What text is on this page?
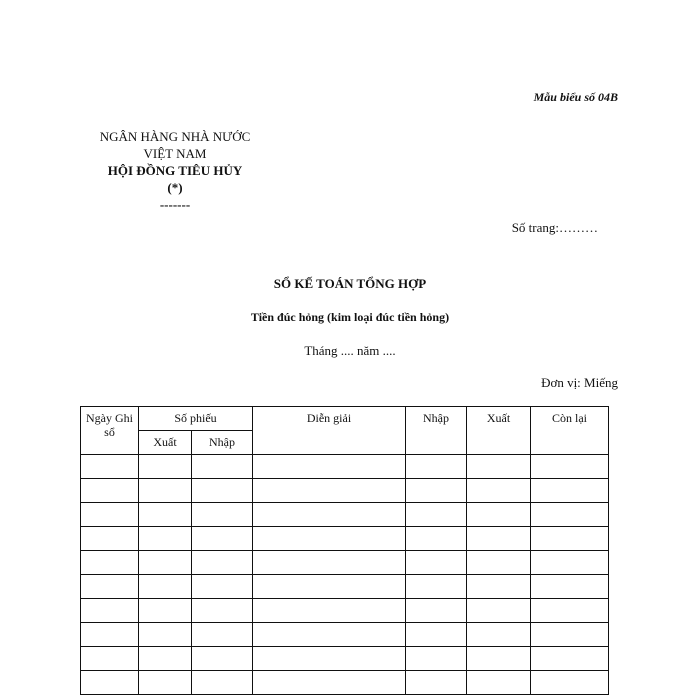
Mẫu biểu số 04B
NGÂN HÀNG NHÀ NƯỚC
VIỆT NAM
HỘI ĐỒNG TIÊU HỦY
(*)
-------
Số trang:………
SỔ KẾ TOÁN TỔNG HỢP
Tiền đúc hỏng (kim loại đúc tiền hỏng)
Tháng .... năm ....
Đơn vị: Miếng
Ngày Ghi sổ	Số phiếu		Diễn giải	Nhập	Xuất	Còn lại
	Xuất	Nhập				
